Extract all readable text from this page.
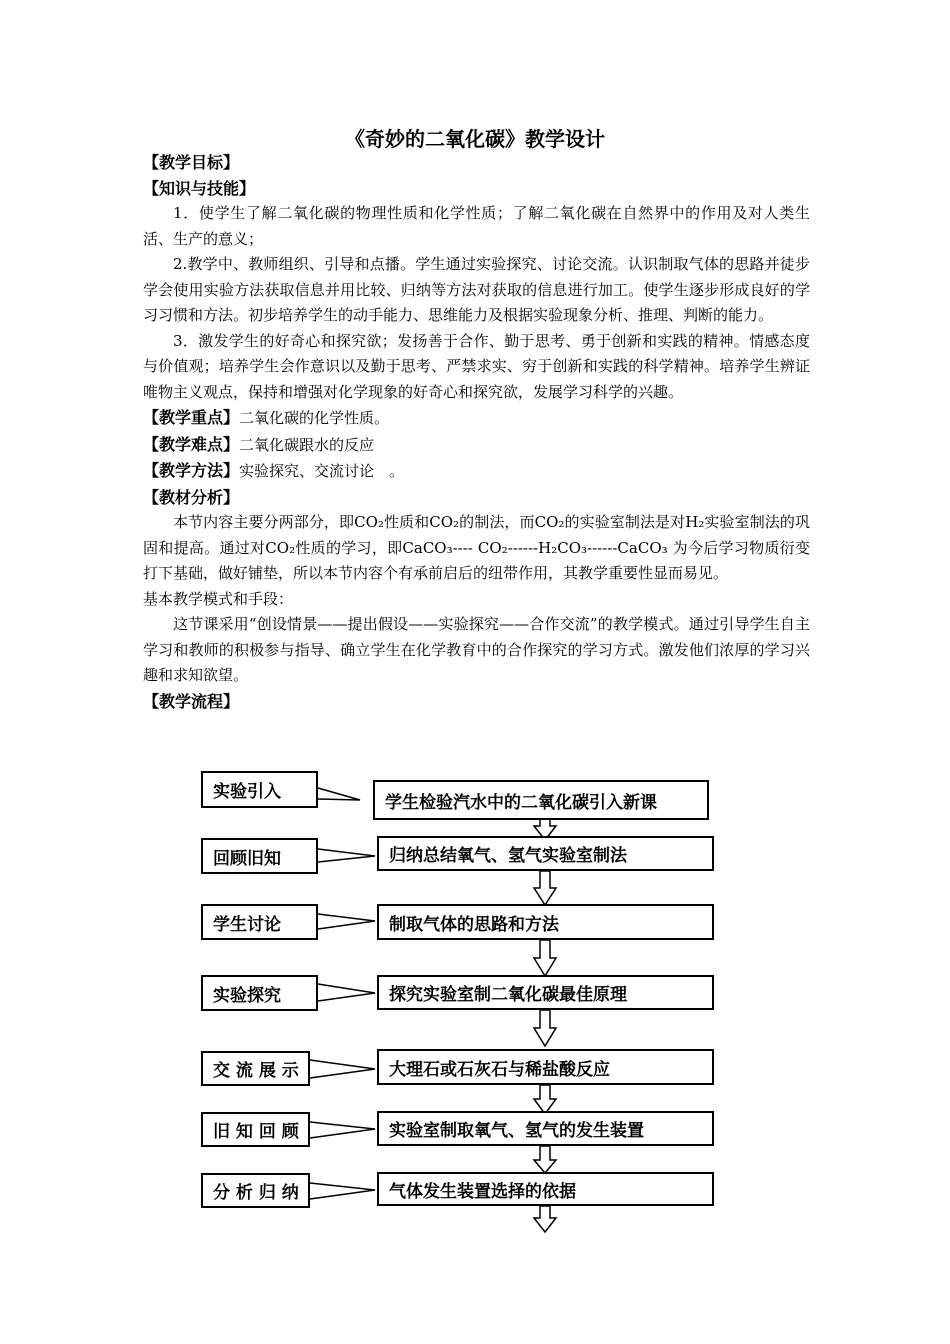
《奇妙的二氧化碳》教学设计
【教学目标】
【知识与技能】
1．使学生了解二氧化碳的物理性质和化学性质；了解二氧化碳在自然界中的作用及对人类生活、生产的意义；
2.教学中、教师组织、引导和点播。学生通过实验探究、讨论交流。认识制取气体的思路并徒步学会使用实验方法获取信息并用比较、归纳等方法对获取的信息进行加工。使学生逐步形成良好的学习习惯和方法。初步培养学生的动手能力、思维能力及根据实验现象分析、推理、判断的能力。
3．激发学生的好奇心和探究欲；发扬善于合作、勤于思考、勇于创新和实践的精神。情感态度与价值观；培养学生会作意识以及勤于思考、严禁求实、穷于创新和实践的科学精神。培养学生辨证唯物主义观点，保持和增强对化学现象的好奇心和探究欲，发展学习科学的兴趣。
【教学重点】二氧化碳的化学性质。
【教学难点】二氧化碳跟水的反应
【教学方法】实验探究、交流讨论　。
【教材分析】
本节内容主要分两部分，即CO₂性质和CO₂的制法，而CO₂的实验室制法是对H₂实验室制法的巩固和提高。通过对CO₂性质的学习，即CaCO₃---- CO₂------H₂CO₃------CaCO₃ 为今后学习物质衍变打下基础，做好铺垫，所以本节内容个有承前启后的纽带作用，其教学重要性显而易见。
基本教学模式和手段：
这节课采用“创设情景——提出假设——实验探究——合作交流”的教学模式。通过引导学生自主学习和教师的积极参与指导、确立学生在化学教育中的合作探究的学习方式。激发他们浓厚的学习兴趣和求知欲望。
【教学流程】
实验引入
回顾旧知
学生讨论
实验探究
交 流 展 示
旧 知 回 顾
分 析 归 纳
学生检验汽水中的二氧化碳引入新课
归纳总结氧气、氢气实验室制法
制取气体的思路和方法
探究实验室制二氧化碳最佳原理
大理石或石灰石与稀盐酸反应
实验室制取氧气、氢气的发生装置
气体发生装置选择的依据
